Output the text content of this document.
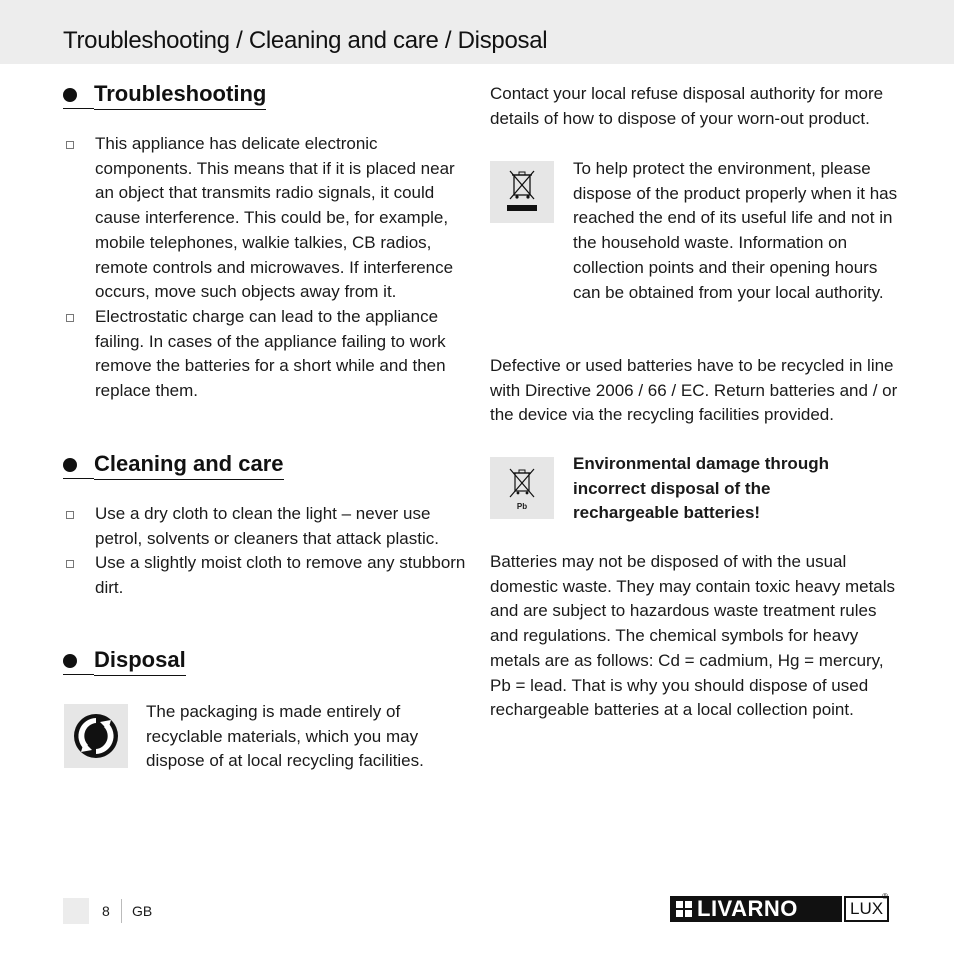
Troubleshooting / Cleaning and care / Disposal
Troubleshooting
This appliance has delicate electronic components. This means that if it is placed near an object that transmits radio signals, it could cause interference. This could be, for example, mobile telephones, walkie talkies, CB radios, remote controls and microwaves. If interference occurs, move such objects away from it.
Electrostatic charge can lead to the appliance failing. In cases of the appliance failing to work remove the batteries for a short while and then replace them.
Cleaning and care
Use a dry cloth to clean the light – never use petrol, solvents or cleaners that attack plastic.
Use a slightly moist cloth to remove any stubborn dirt.
Disposal

The packaging is made entirely of recyclable materials, which you may dispose of at local recycling facilities.

Contact your local refuse disposal authority for more details of how to dispose of your worn-out product.

To help protect the environment, please dispose of the product properly when it has reached the end of its useful life and not in the household waste. Information on collection points and their opening hours can be obtained from your local authority.

Defective or used batteries have to be recycled in line with Directive 2006 / 66 / EC. Return batteries and / or the device via the recycling facilities provided.

Pb

Environmental damage through incorrect disposal of the rechargeable batteries!

Batteries may not be disposed of with the usual domestic waste. They may contain toxic heavy metals and are subject to hazardous waste treatment rules and regulations. The chemical symbols for heavy metals are as follows: Cd = cadmium, Hg = mercury, Pb = lead. That is why you should dispose of used rechargeable batteries at a local collection point.

8 GB	LIVARNO	LUX
®
